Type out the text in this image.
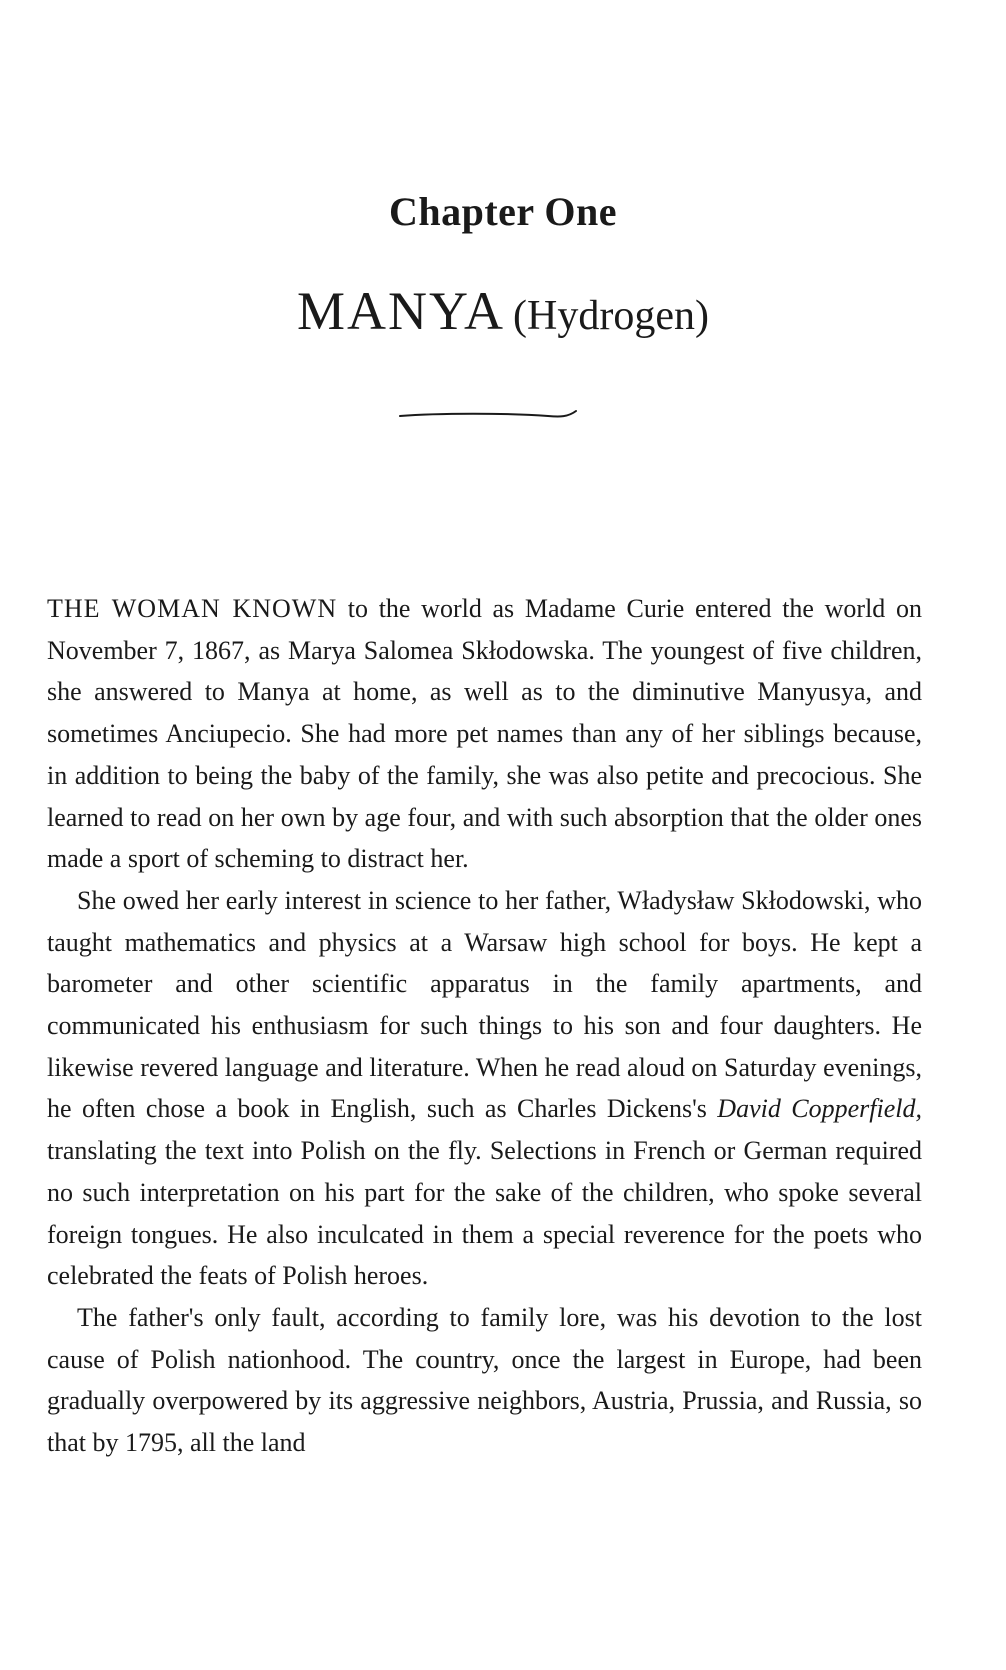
Chapter One
MANYA (Hydrogen)

THE WOMAN KNOWN to the world as Madame Curie entered the world on November 7, 1867, as Marya Salomea Skłodowska. The youngest of five children, she answered to Manya at home, as well as to the diminutive Manyusya, and sometimes Anciupecio. She had more pet names than any of her siblings because, in addition to being the baby of the family, she was also petite and precocious. She learned to read on her own by age four, and with such absorption that the older ones made a sport of scheming to distract her.

She owed her early interest in science to her father, Władysław Skłodowski, who taught mathematics and physics at a Warsaw high school for boys. He kept a barometer and other scientific apparatus in the family apartments, and communicated his enthusiasm for such things to his son and four daughters. He likewise revered language and literature. When he read aloud on Saturday evenings, he often chose a book in English, such as Charles Dickens's David Copperfield, translating the text into Polish on the fly. Selections in French or German required no such interpretation on his part for the sake of the children, who spoke several foreign tongues. He also inculcated in them a special reverence for the poets who celebrated the feats of Polish heroes.

The father's only fault, according to family lore, was his devotion to the lost cause of Polish nationhood. The country, once the largest in Europe, had been gradually overpowered by its aggressive neighbors, Austria, Prussia, and Russia, so that by 1795, all the land
